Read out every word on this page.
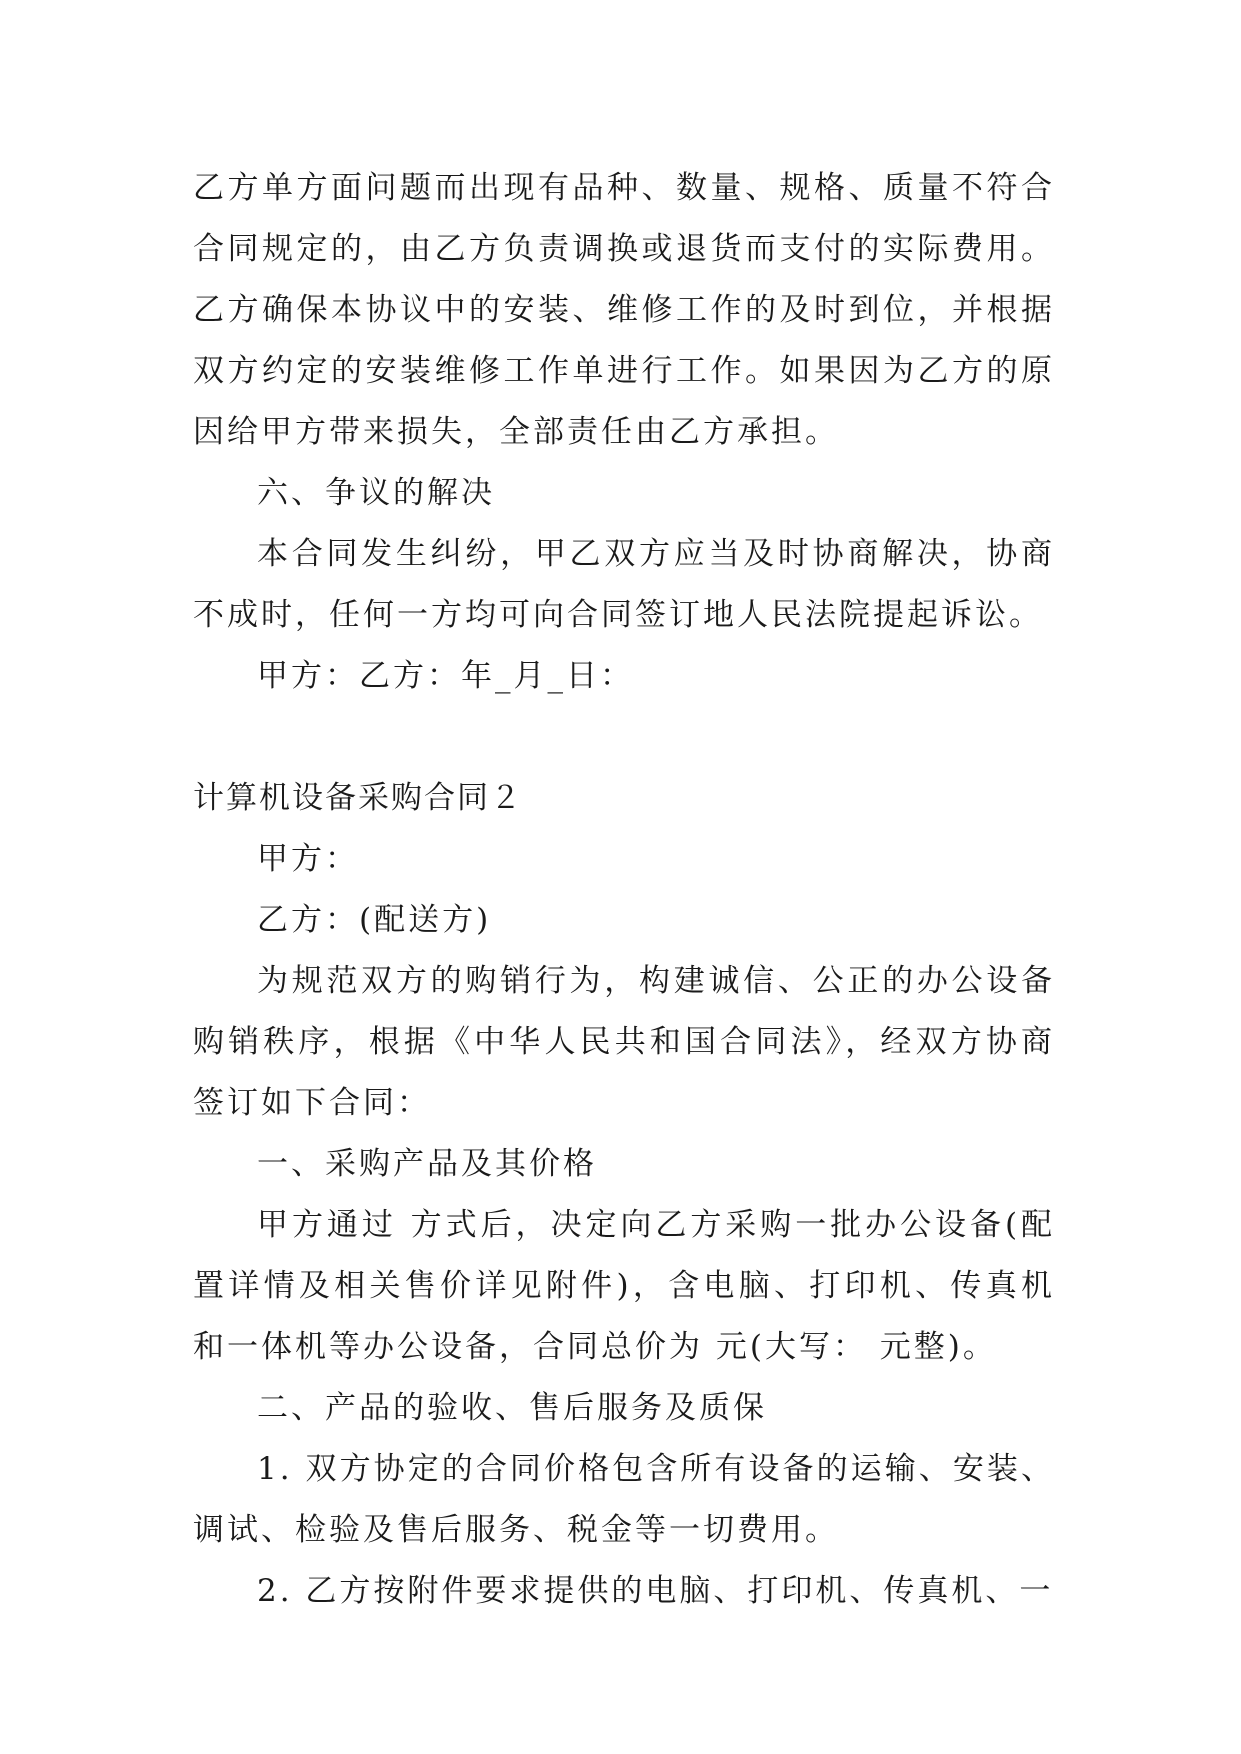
乙方单方面问题而出现有品种、数量、规格、质量不符合合同规定的，由乙方负责调换或退货而支付的实际费用。乙方确保本协议中的安装、维修工作的及时到位，并根据双方约定的安装维修工作单进行工作。如果因为乙方的原因给甲方带来损失，全部责任由乙方承担。

六、争议的解决

本合同发生纠纷，甲乙双方应当及时协商解决，协商不成时，任何一方均可向合同签订地人民法院提起诉讼。

甲方：乙方：年_月_日：

计算机设备采购合同２

甲方：

乙方：(配送方)

为规范双方的购销行为，构建诚信、公正的办公设备购销秩序，根据《中华人民共和国合同法》，经双方协商签订如下合同：

一、采购产品及其价格

甲方通过 方式后，决定向乙方采购一批办公设备(配置详情及相关售价详见附件)，含电脑、打印机、传真机和一体机等办公设备，合同总价为 元(大写： 元整)。

二、产品的验收、售后服务及质保

1. 双方协定的合同价格包含所有设备的运输、安装、调试、检验及售后服务、税金等一切费用。

2. 乙方按附件要求提供的电脑、打印机、传真机、一
